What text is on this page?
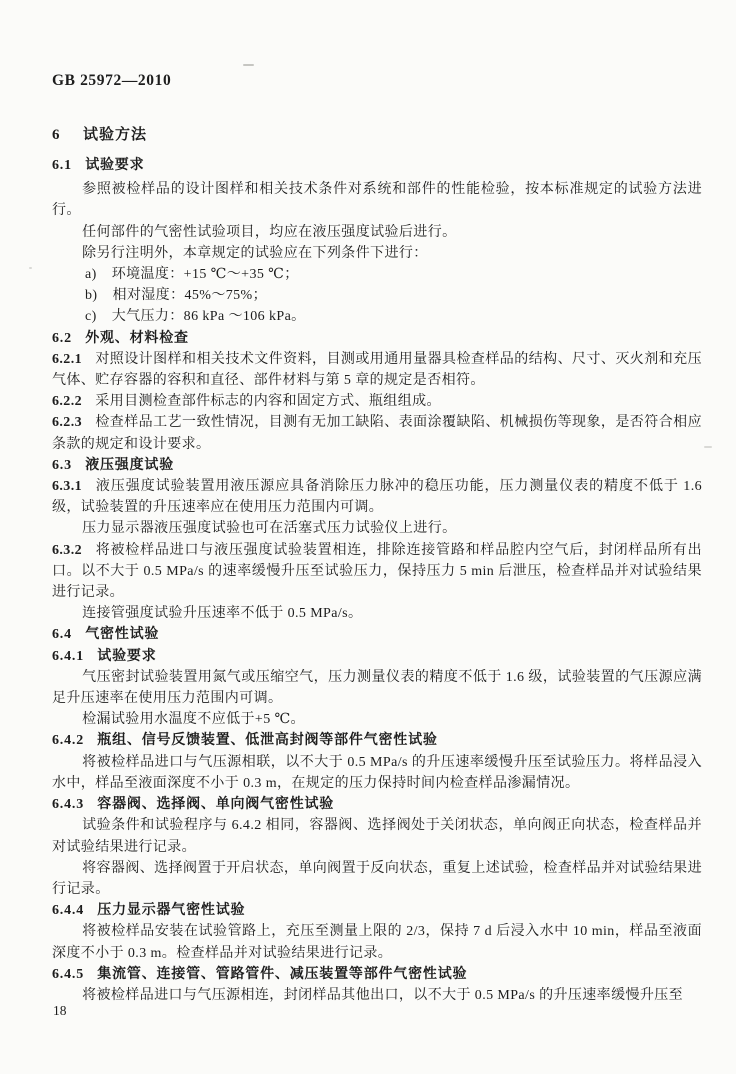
GB 25972—2010
6 试验方法
6.1 试验要求
参照被检样品的设计图样和相关技术条件对系统和部件的性能检验，按本标准规定的试验方法进行。
任何部件的气密性试验项目，均应在液压强度试验后进行。
除另行注明外，本章规定的试验应在下列条件下进行：
a) 环境温度：+15 ℃～+35 ℃；
b) 相对湿度：45%～75%；
c) 大气压力：86 kPa ～106 kPa。
6.2 外观、材料检查
6.2.1 对照设计图样和相关技术文件资料，目测或用通用量器具检查样品的结构、尺寸、灭火剂和充压气体、贮存容器的容积和直径、部件材料与第 5 章的规定是否相符。
6.2.2 采用目测检查部件标志的内容和固定方式、瓶组组成。
6.2.3 检查样品工艺一致性情况，目测有无加工缺陷、表面涂覆缺陷、机械损伤等现象，是否符合相应条款的规定和设计要求。
6.3 液压强度试验
6.3.1 液压强度试验装置用液压源应具备消除压力脉冲的稳压功能，压力测量仪表的精度不低于 1.6 级，试验装置的升压速率应在使用压力范围内可调。
压力显示器液压强度试验也可在活塞式压力试验仪上进行。
6.3.2 将被检样品进口与液压强度试验装置相连，排除连接管路和样品腔内空气后，封闭样品所有出口。以不大于 0.5 MPa/s 的速率缓慢升压至试验压力，保持压力 5 min 后泄压，检查样品并对试验结果进行记录。
连接管强度试验升压速率不低于 0.5 MPa/s。
6.4 气密性试验
6.4.1 试验要求
气压密封试验装置用氮气或压缩空气，压力测量仪表的精度不低于 1.6 级，试验装置的气压源应满足升压速率在使用压力范围内可调。
检漏试验用水温度不应低于+5 ℃。
6.4.2 瓶组、信号反馈装置、低泄高封阀等部件气密性试验
将被检样品进口与气压源相联，以不大于 0.5 MPa/s 的升压速率缓慢升压至试验压力。将样品浸入水中，样品至液面深度不小于 0.3 m，在规定的压力保持时间内检查样品渗漏情况。
6.4.3 容器阀、选择阀、单向阀气密性试验
试验条件和试验程序与 6.4.2 相同，容器阀、选择阀处于关闭状态，单向阀正向状态，检查样品并对试验结果进行记录。
将容器阀、选择阀置于开启状态，单向阀置于反向状态，重复上述试验，检查样品并对试验结果进行记录。
6.4.4 压力显示器气密性试验
将被检样品安装在试验管路上，充压至测量上限的 2/3，保持 7 d 后浸入水中 10 min，样品至液面深度不小于 0.3 m。检查样品并对试验结果进行记录。
6.4.5 集流管、连接管、管路管件、减压装置等部件气密性试验
将被检样品进口与气压源相连，封闭样品其他出口，以不大于 0.5 MPa/s 的升压速率缓慢升压至
18
